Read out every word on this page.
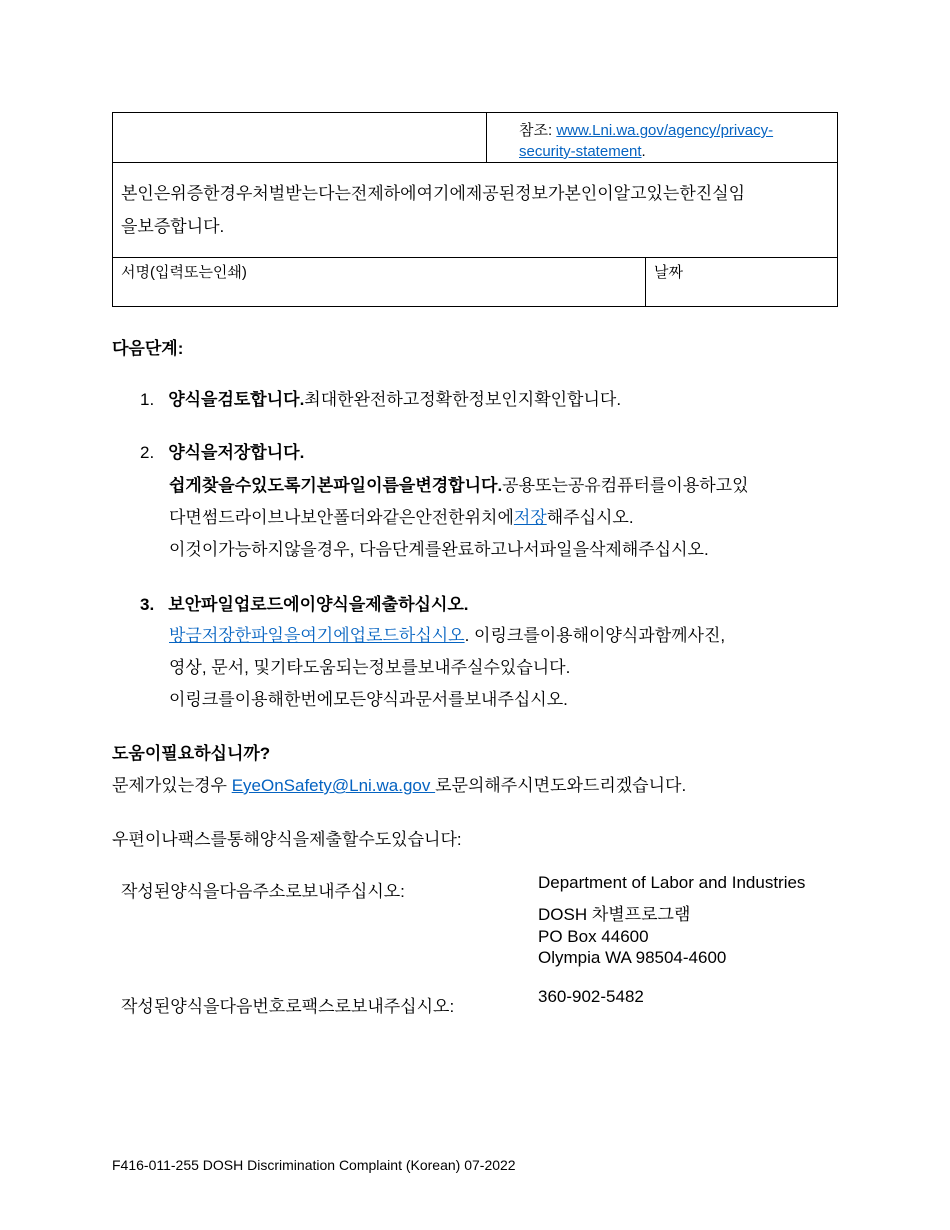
참조: www.Lni.wa.gov/agency/privacy-
security-statement.
본인은위증한경우처벌받는다는전제하에여기에제공된정보가본인이알고있는한진실임
을보증합니다.
서명(입력또는인쇄)	날짜
다음단계:
1. 양식을검토합니다.최대한완전하고정확한정보인지확인합니다.
2. 양식을저장합니다.
쉽게찾을수있도록기본파일이름을변경합니다.공용또는공유컴퓨터를이용하고있
다면썸드라이브나보안폴더와같은안전한위치에저장해주십시오.
이것이가능하지않을경우, 다음단계를완료하고나서파일을삭제해주십시오.
3. 보안파일업로드에이양식을제출하십시오.
방금저장한파일을여기에업로드하십시오. 이링크를이용해이양식과함께사진,
영상, 문서, 및기타도움되는정보를보내주실수있습니다.
이링크를이용해한번에모든양식과문서를보내주십시오.
도움이필요하십니까?
문제가있는경우 EyeOnSafety@Lni.wa.gov 로문의해주시면도와드리겠습니다.
우편이나팩스를통해양식을제출할수도있습니다:
작성된양식을다음주소로보내주십시오:	Department of Labor and Industries
DOSH 차별프로그램
PO Box 44600
Olympia WA 98504-4600
작성된양식을다음번호로팩스로보내주십시오:
360-902-5482
F416-011-255 DOSH Discrimination Complaint (Korean) 07-2022
